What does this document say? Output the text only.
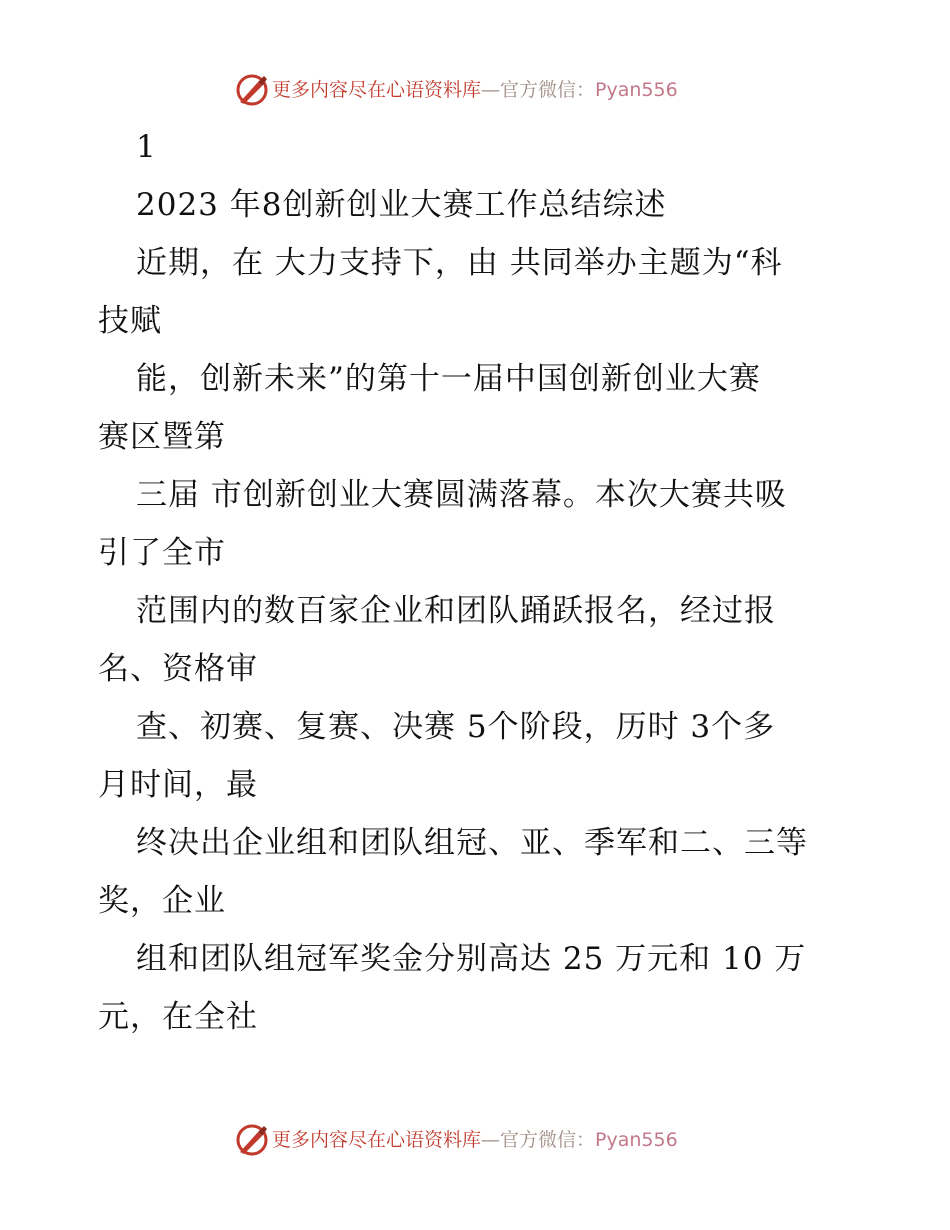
更多内容尽在心语资料库—官方微信：Pyan556
1
2023 年8创新创业大赛工作总结综述
近期，在 大力支持下，由 共同举办主题为“科
技赋
能，创新未来”的第十一届中国创新创业大赛
赛区暨第
三届 市创新创业大赛圆满落幕。本次大赛共吸
引了全市
范围内的数百家企业和团队踊跃报名，经过报
名、资格审
查、初赛、复赛、决赛 5个阶段，历时 3个多
月时间，最
终决出企业组和团队组冠、亚、季军和二、三等
奖，企业
组和团队组冠军奖金分别高达 25 万元和 10 万
元，在全社
更多内容尽在心语资料库—官方微信：Pyan556
